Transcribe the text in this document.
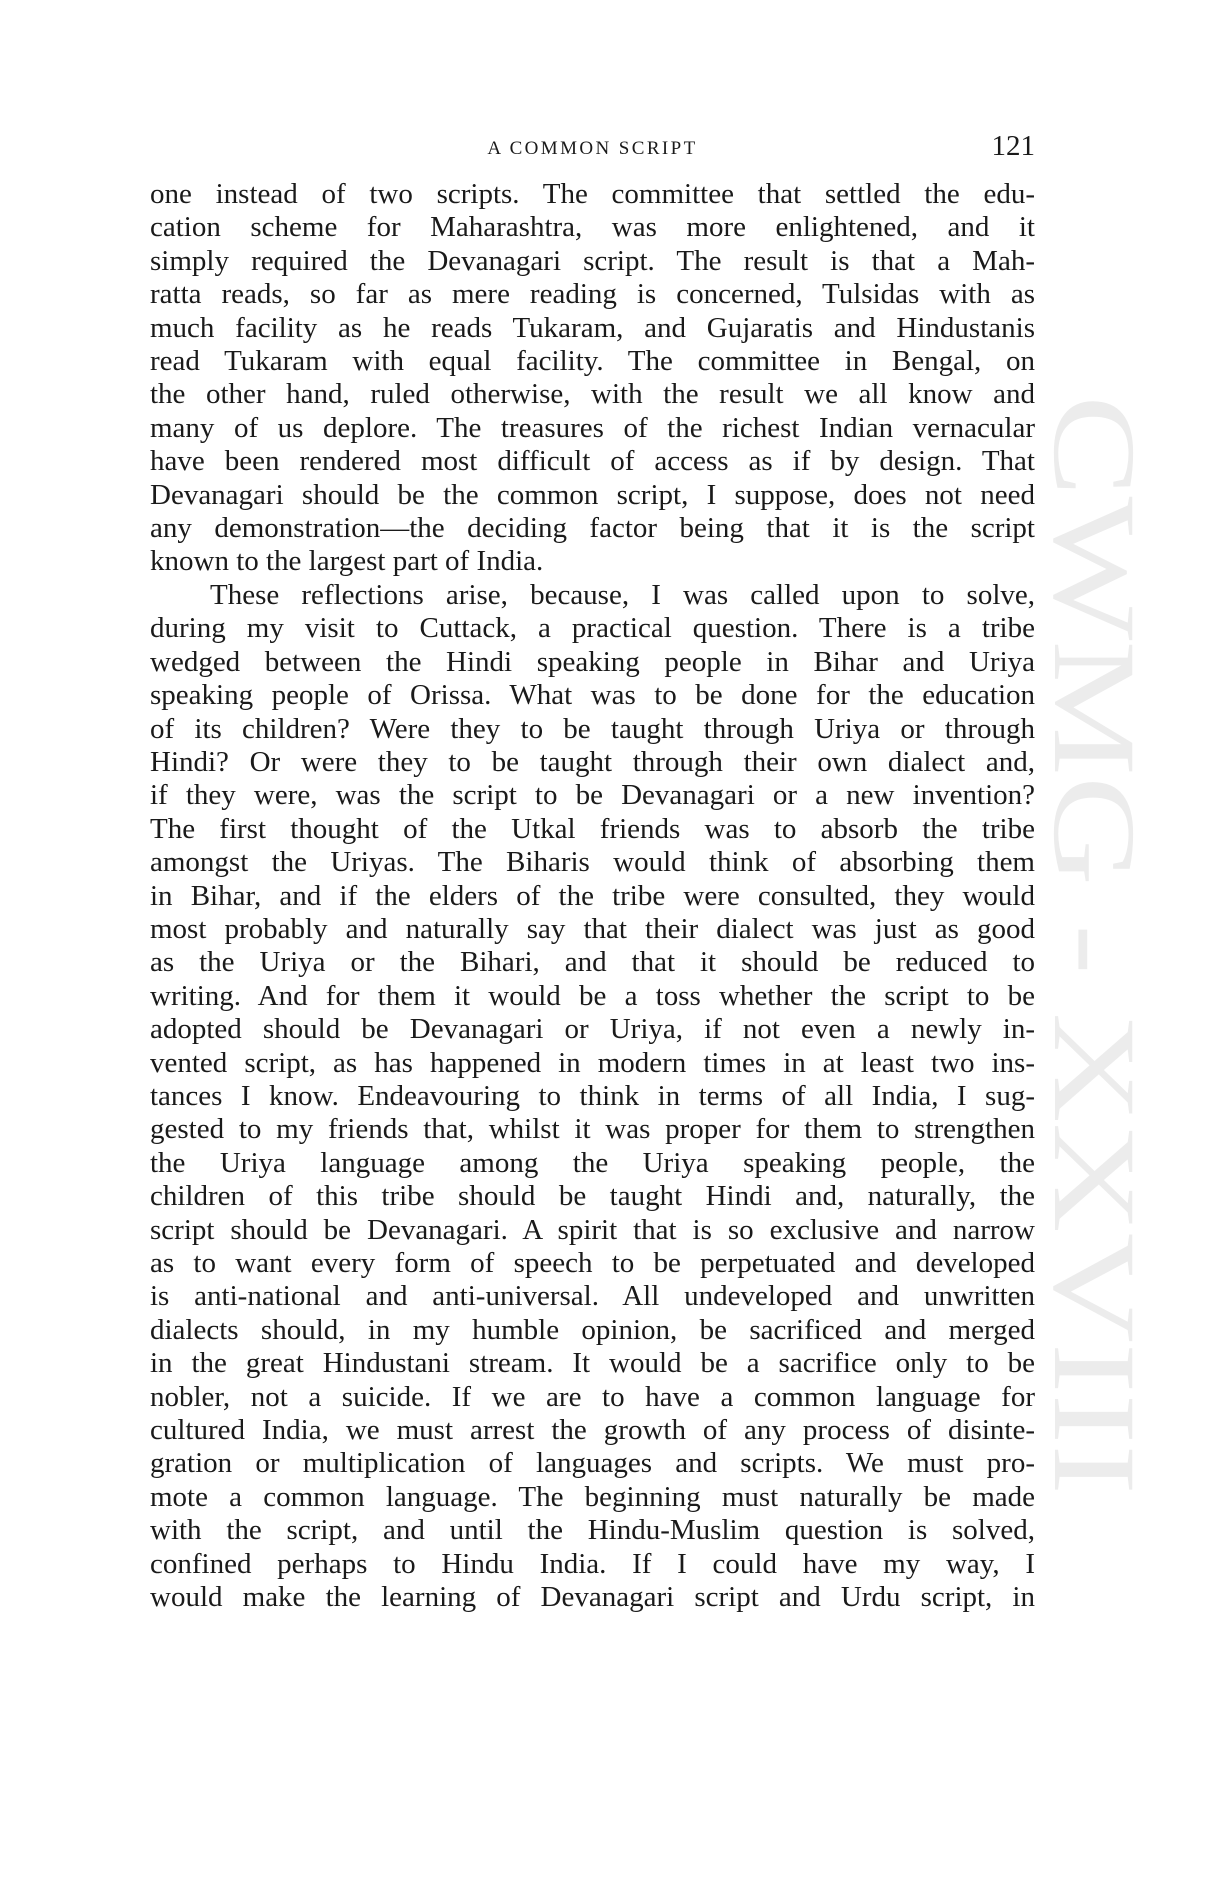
CWMG - XXVIII
A COMMON SCRIPT	121
one instead of two scripts. The committee that settled the edu-
cation scheme for Maharashtra, was more enlightened, and it
simply required the Devanagari script. The result is that a Mah-
ratta reads, so far as mere reading is concerned, Tulsidas with as
much facility as he reads Tukaram, and Gujaratis and Hindustanis
read Tukaram with equal facility. The committee in Bengal, on
the other hand, ruled otherwise, with the result we all know and
many of us deplore. The treasures of the richest Indian vernacular
have been rendered most difficult of access as if by design. That
Devanagari should be the common script, I suppose, does not need
any demonstration—the deciding factor being that it is the script
known to the largest part of India.
These reflections arise, because, I was called upon to solve,
during my visit to Cuttack, a practical question. There is a tribe
wedged between the Hindi speaking people in Bihar and Uriya
speaking people of Orissa. What was to be done for the education
of its children? Were they to be taught through Uriya or through
Hindi? Or were they to be taught through their own dialect and,
if they were, was the script to be Devanagari or a new invention?
The first thought of the Utkal friends was to absorb the tribe
amongst the Uriyas. The Biharis would think of absorbing them
in Bihar, and if the elders of the tribe were consulted, they would
most probably and naturally say that their dialect was just as good
as the Uriya or the Bihari, and that it should be reduced to
writing. And for them it would be a toss whether the script to be
adopted should be Devanagari or Uriya, if not even a newly in-
vented script, as has happened in modern times in at least two ins-
tances I know. Endeavouring to think in terms of all India, I sug-
gested to my friends that, whilst it was proper for them to strengthen
the Uriya language among the Uriya speaking people, the
children of this tribe should be taught Hindi and, naturally, the
script should be Devanagari. A spirit that is so exclusive and narrow
as to want every form of speech to be perpetuated and developed
is anti-national and anti-universal. All undeveloped and unwritten
dialects should, in my humble opinion, be sacrificed and merged
in the great Hindustani stream. It would be a sacrifice only to be
nobler, not a suicide. If we are to have a common language for
cultured India, we must arrest the growth of any process of disinte-
gration or multiplication of languages and scripts. We must pro-
mote a common language. The beginning must naturally be made
with the script, and until the Hindu-Muslim question is solved,
confined perhaps to Hindu India. If I could have my way, I
would make the learning of Devanagari script and Urdu script, in
